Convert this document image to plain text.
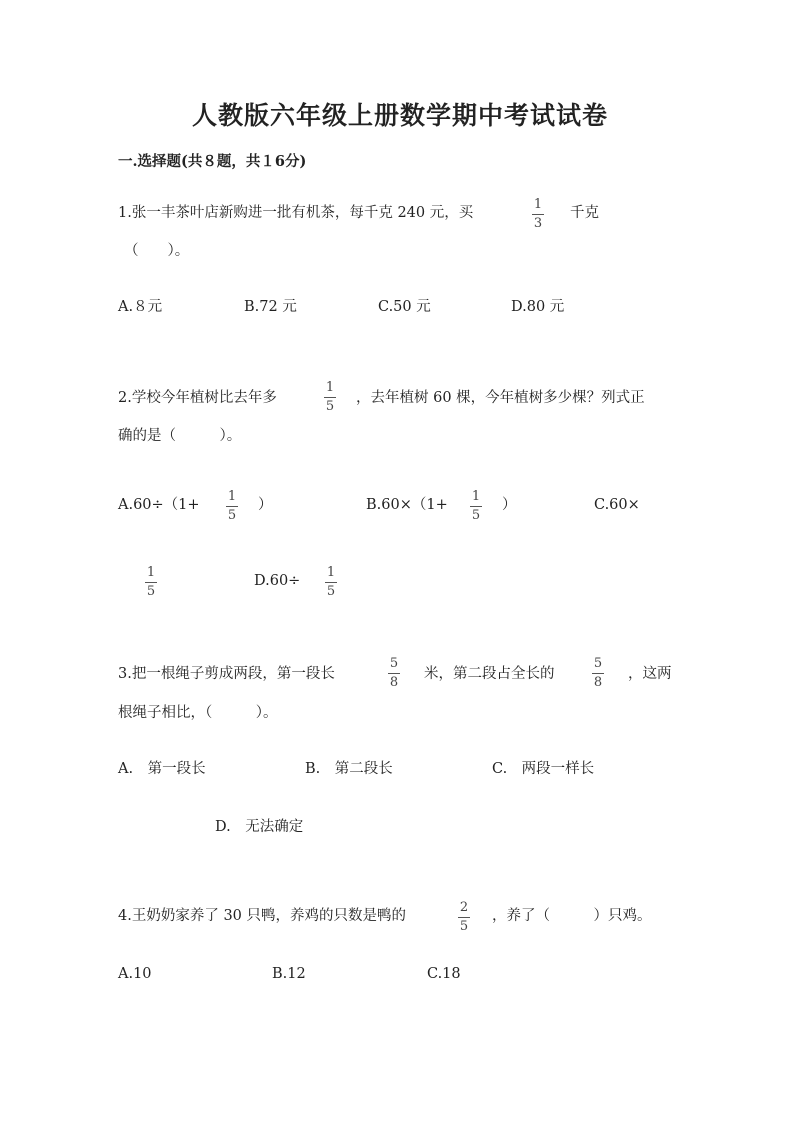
人教版六年级上册数学期中考试试卷
一.选择题(共８题，共１6分)
1.张一丰茶叶店新购进一批有机茶，每千克 240 元，买
1
3
千克
（　　）。
A.８元	B.72 元	C.50 元	D.80 元
2.学校今年植树比去年多
1
5
，去年植树 60 棵，今年植树多少棵？列式正
确的是（　　　）。
A.60÷（1+
1
5
）	B.60×（1+
1
5
）	C.60×
1
5
D.60÷
1
5
3.把一根绳子剪成两段，第一段长
5
8
米，第二段占全长的
5
8
，这两
根绳子相比，（　　　）。
A.　第一段长	B.　第二段长	C.　两段一样长
D.　无法确定
4.王奶奶家养了 30 只鸭，养鸡的只数是鸭的
2
5
，养了（　　　）只鸡。
A.10	B.12	C.18
